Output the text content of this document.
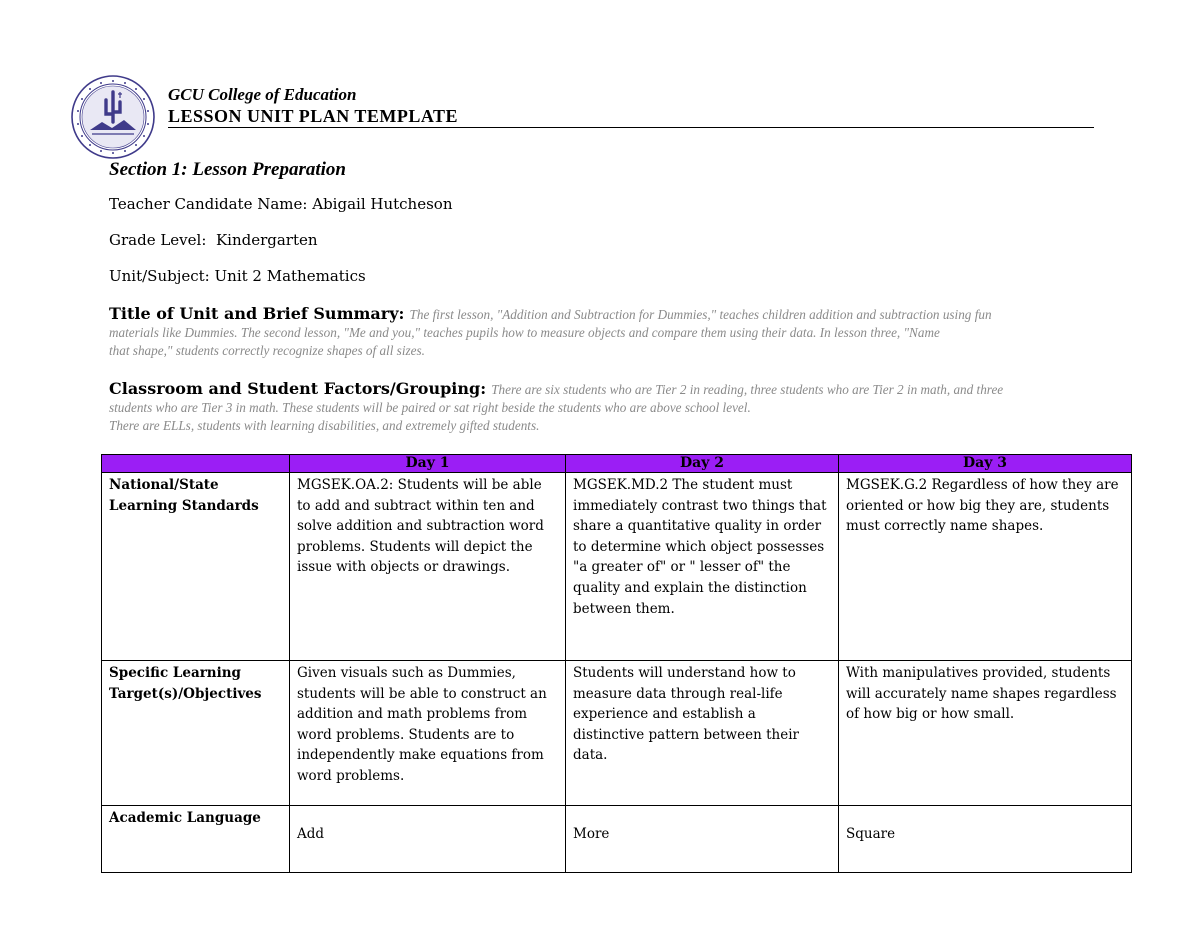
GCU College of Education
LESSON UNIT PLAN TEMPLATE
Section 1: Lesson Preparation
Teacher Candidate Name: Abigail Hutcheson
Grade Level: Kindergarten
Unit/Subject: Unit 2 Mathematics
Title of Unit and Brief Summary: The first lesson, "Addition and Subtraction for Dummies," teaches children addition and subtraction using fun
materials like Dummies. The second lesson, "Me and you," teaches pupils how to measure objects and compare them using their data. In lesson three, "Name
that shape," students correctly recognize shapes of all sizes.
Classroom and Student Factors/Grouping: There are six students who are Tier 2 in reading, three students who are Tier 2 in math, and three
students who are Tier 3 in math. These students will be paired or sat right beside the students who are above school level.
There are ELLs, students with learning disabilities, and extremely gifted students.
	Day 1	Day 2	Day 3
National/State Learning Standards	MGSEK.OA.2: Students will be able to add and subtract within ten and solve addition and subtraction word problems. Students will depict the issue with objects or drawings.	MGSEK.MD.2 The student must immediately contrast two things that share a quantitative quality in order to determine which object possesses "a greater of" or " lesser of" the quality and explain the distinction between them.	MGSEK.G.2 Regardless of how they are oriented or how big they are, students must correctly name shapes.
Specific Learning Target(s)/Objectives	Given visuals such as Dummies, students will be able to construct an addition and math problems from word problems. Students are to independently make equations from word problems.	Students will understand how to measure data through real-life experience and establish a distinctive pattern between their data.	With manipulatives provided, students will accurately name shapes regardless of how big or how small.
Academic Language	Add	More	Square
